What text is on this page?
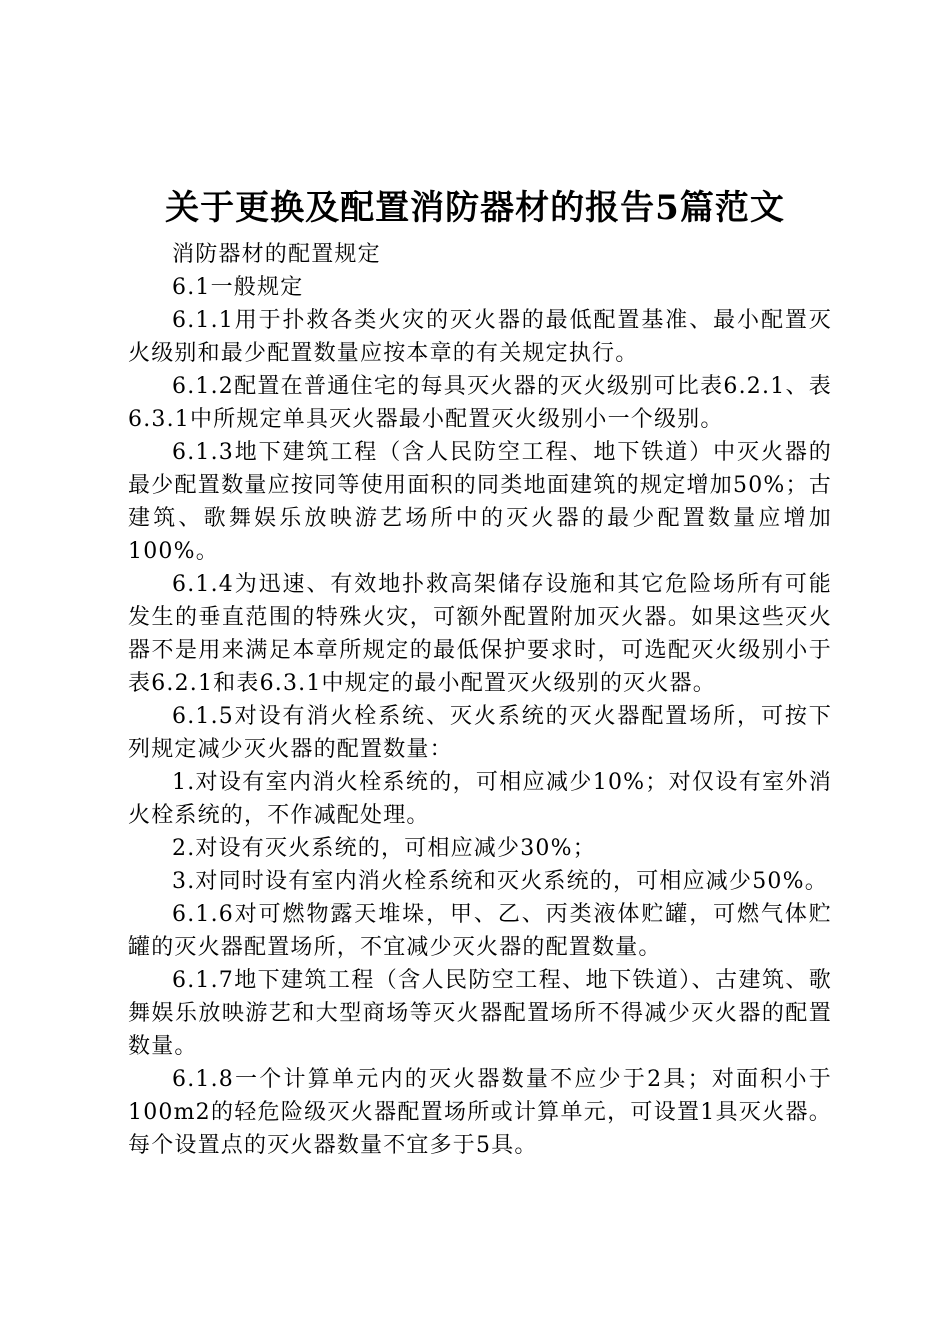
关于更换及配置消防器材的报告5篇范文

消防器材的配置规定

6.1一般规定

6.1.1用于扑救各类火灾的灭火器的最低配置基准、最小配置灭火级别和最少配置数量应按本章的有关规定执行。

6.1.2配置在普通住宅的每具灭火器的灭火级别可比表6.2.1、表6.3.1中所规定单具灭火器最小配置灭火级别小一个级别。

6.1.3地下建筑工程（含人民防空工程、地下铁道）中灭火器的最少配置数量应按同等使用面积的同类地面建筑的规定增加50%；古建筑、歌舞娱乐放映游艺场所中的灭火器的最少配置数量应增加100%。

6.1.4为迅速、有效地扑救高架储存设施和其它危险场所有可能发生的垂直范围的特殊火灾，可额外配置附加灭火器。如果这些灭火器不是用来满足本章所规定的最低保护要求时，可选配灭火级别小于表6.2.1和表6.3.1中规定的最小配置灭火级别的灭火器。

6.1.5对设有消火栓系统、灭火系统的灭火器配置场所，可按下列规定减少灭火器的配置数量：

1.对设有室内消火栓系统的，可相应减少10%；对仅设有室外消火栓系统的，不作减配处理。

2.对设有灭火系统的，可相应减少30%；

3.对同时设有室内消火栓系统和灭火系统的，可相应减少50%。

6.1.6对可燃物露天堆垛，甲、乙、丙类液体贮罐，可燃气体贮罐的灭火器配置场所，不宜减少灭火器的配置数量。

6.1.7地下建筑工程（含人民防空工程、地下铁道）、古建筑、歌舞娱乐放映游艺和大型商场等灭火器配置场所不得减少灭火器的配置数量。

6.1.8一个计算单元内的灭火器数量不应少于2具；对面积小于100m2的轻危险级灭火器配置场所或计算单元，可设置1具灭火器。每个设置点的灭火器数量不宜多于5具。
